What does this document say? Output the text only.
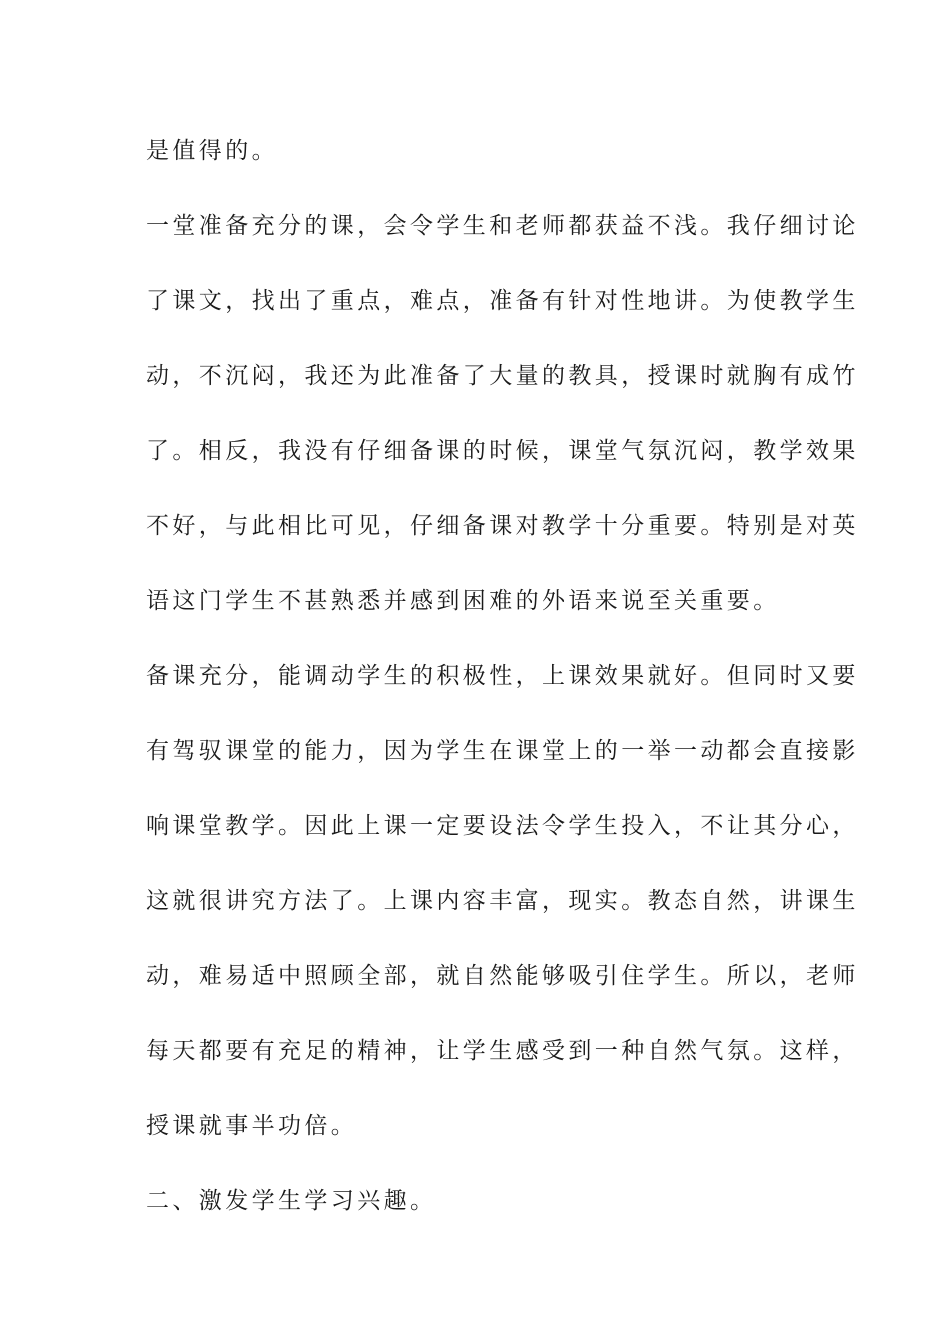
是值得的。

一堂准备充分的课，会令学生和老师都获益不浅。我仔细讨论

了课文，找出了重点，难点，准备有针对性地讲。为使教学生

动，不沉闷，我还为此准备了大量的教具，授课时就胸有成竹

了。相反，我没有仔细备课的时候，课堂气氛沉闷，教学效果

不好，与此相比可见，仔细备课对教学十分重要。特别是对英

语这门学生不甚熟悉并感到困难的外语来说至关重要。

备课充分，能调动学生的积极性，上课效果就好。但同时又要

有驾驭课堂的能力，因为学生在课堂上的一举一动都会直接影

响课堂教学。因此上课一定要设法令学生投入，不让其分心，

这就很讲究方法了。上课内容丰富，现实。教态自然，讲课生

动，难易适中照顾全部，就自然能够吸引住学生。所以，老师

每天都要有充足的精神，让学生感受到一种自然气氛。这样，

授课就事半功倍。

二、激发学生学习兴趣。
